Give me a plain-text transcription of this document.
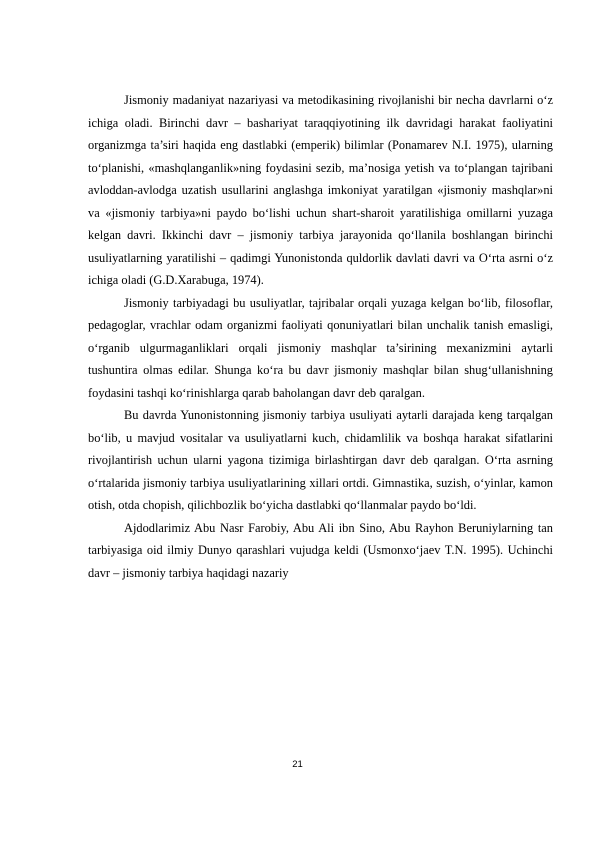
Jismoniy madaniyat nazariyasi va metodikasining rivojlanishi bir necha davrlarni o‘z ichiga oladi. Birinchi davr – bashariyat taraqqiyotining ilk davridagi harakat faoliyatini organizmga ta’siri haqida eng dastlabki (emperik) bilimlar (Ponamarev N.I. 1975), ularning to‘planishi, «mashqlanganlik»ning foydasini sezib, ma’nosiga yetish va to‘plangan tajribani avloddan-avlodga uzatish usullarini anglashga imkoniyat yaratilgan «jismoniy mashqlar»ni va «jismoniy tarbiya»ni paydo bo‘lishi uchun shart-sharoit yaratilishiga omillarni yuzaga kelgan davri. Ikkinchi davr – jismoniy tarbiya jarayonida qo‘llanila boshlangan birinchi usuliyatlarning yaratilishi – qadimgi Yunonistonda quldorlik davlati davri va O‘rta asrni o‘z ichiga oladi (G.D.Xarabuga, 1974).

Jismoniy tarbiyadagi bu usuliyatlar, tajribalar orqali yuzaga kelgan bo‘lib, filosoflar, pedagoglar, vrachlar odam organizmi faoliyati qonuniyatlari bilan unchalik tanish emasligi, o‘rganib ulgurmaganliklari orqali jismoniy mashqlar ta’sirining mexanizmini aytarli tushuntira olmas edilar. Shunga ko‘ra bu davr jismoniy mashqlar bilan shug‘ullanishning foydasini tashqi ko‘rinishlarga qarab baholangan davr deb qaralgan.

Bu davrda Yunonistonning jismoniy tarbiya usuliyati aytarli darajada keng tarqalgan bo‘lib, u mavjud vositalar va usuliyatlarni kuch, chidamlilik va boshqa harakat sifatlarini rivojlantirish uchun ularni yagona tizimiga birlashtirgan davr deb qaralgan. O‘rta asrning o‘rtalarida jismoniy tarbiya usuliyatlarining xillari ortdi. Gimnastika, suzish, o‘yinlar, kamon otish, otda chopish, qilichbozlik bo‘yicha dastlabki qo‘llanmalar paydo bo‘ldi.

Ajdodlarimiz Abu Nasr Farobiy, Abu Ali ibn Sino, Abu Rayhon Beruniylarning tan tarbiyasiga oid ilmiy Dunyo qarashlari vujudga keldi (Usmonxo‘jaev T.N. 1995). Uchinchi davr – jismoniy tarbiya haqidagi nazariy

21
